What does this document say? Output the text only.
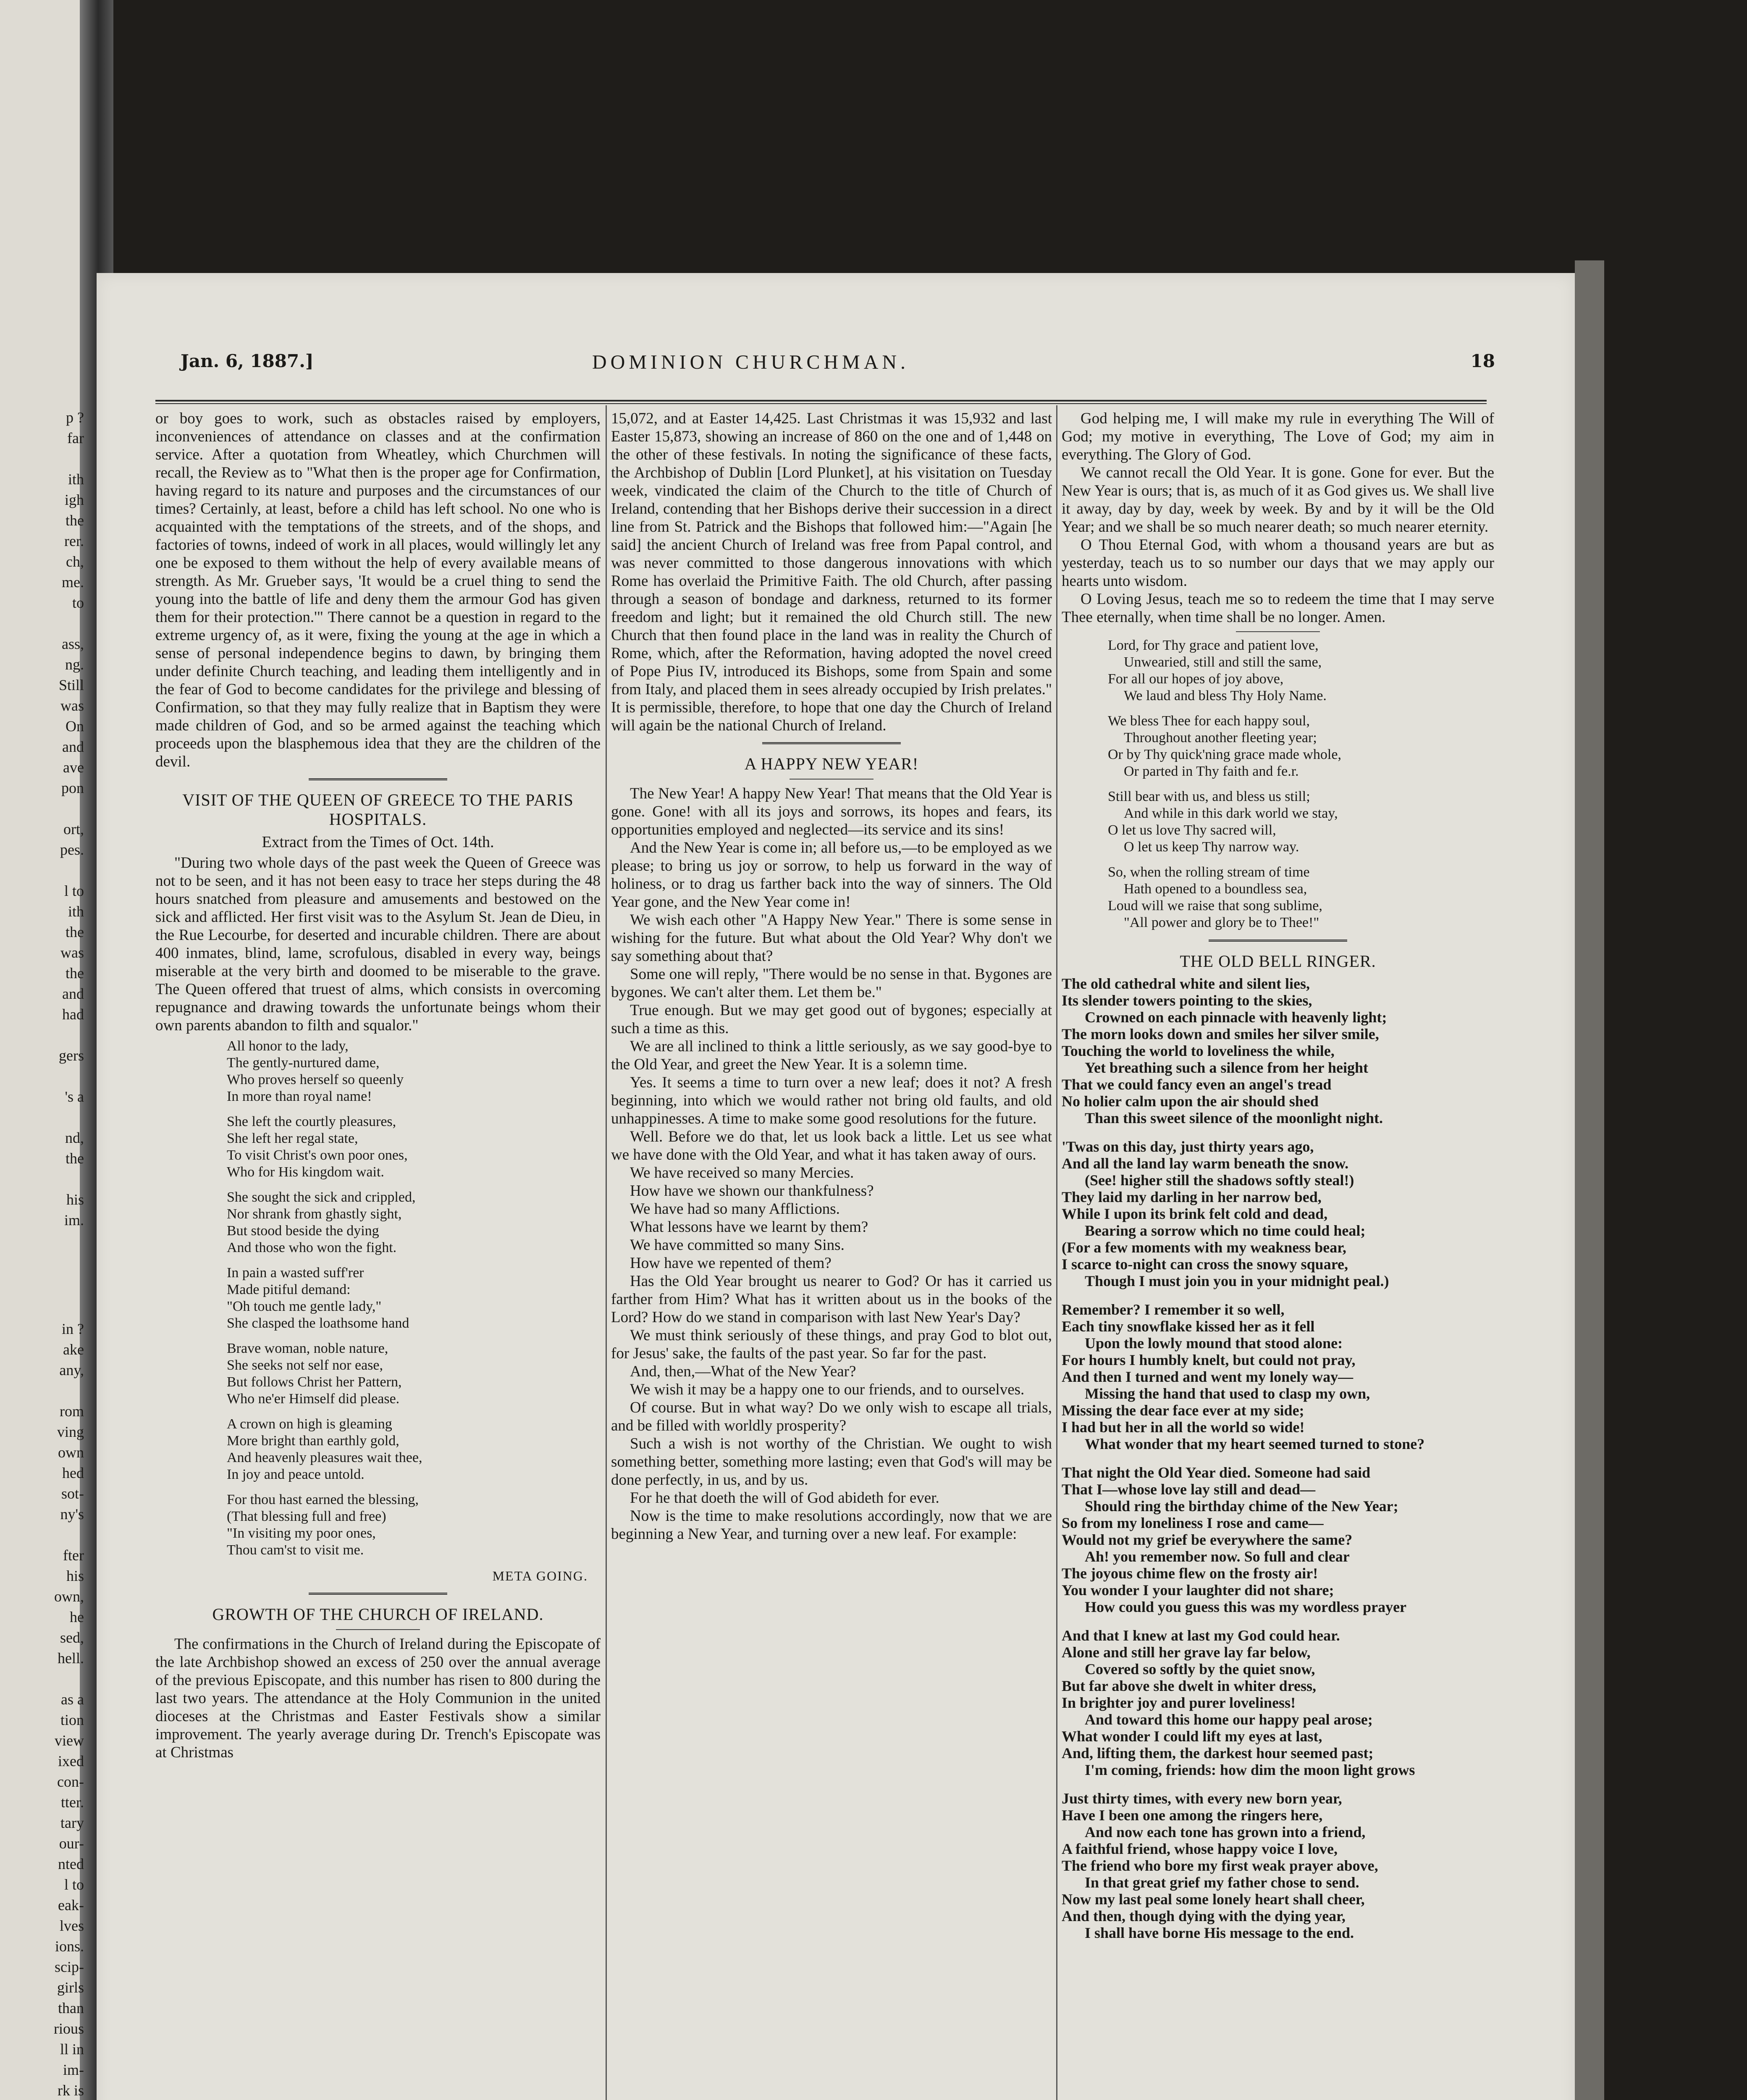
p ?
far
ith
igh
the
rer.
ch,
me.
to
ass,
ng.
Still
was
On
and
ave
pon
ort,
pes.
l to
ith
the
was
the
and
had
gers
's a
nd,
the
his
im.
in ?
ake
any,
rom
ving
own
hed
sot-
ny's
fter
his
own,
he
sed,
hell.
as a
tion
view
ixed
con-
tter.
tary
our-
nted
l to
eak-
lves
ions.
scip-
girls
than
rious
ll in
im-
rk is
Jan. 6, 1887.]	DOMINION CHURCHMAN.	18

or boy goes to work, such as obstacles raised by employers, inconveniences of attendance on classes and at the confirmation service. After a quotation from Wheatley, which Churchmen will recall, the Review as to "What then is the proper age for Confirmation, having regard to its nature and purposes and the circumstances of our times? Certainly, at least, before a child has left school. No one who is acquainted with the temptations of the streets, and of the shops, and factories of towns, indeed of work in all places, would willingly let any one be exposed to them without the help of every available means of strength. As Mr. Grueber says, 'It would be a cruel thing to send the young into the battle of life and deny them the armour God has given them for their protection.'" There cannot be a question in regard to the extreme urgency of, as it were, fixing the young at the age in which a sense of personal independence begins to dawn, by bringing them under definite Church teaching, and leading them intelligently and in the fear of God to become candidates for the privilege and blessing of Confirmation, so that they may fully realize that in Baptism they were made children of God, and so be armed against the teaching which proceeds upon the blasphemous idea that they are the children of the devil.

VISIT OF THE QUEEN OF GREECE TO THE PARIS HOSPITALS.
Extract from the Times of Oct. 14th.

"During two whole days of the past week the Queen of Greece was not to be seen, and it has not been easy to trace her steps during the 48 hours snatched from pleasure and amusements and bestowed on the sick and afflicted. Her first visit was to the Asylum St. Jean de Dieu, in the Rue Lecourbe, for deserted and incurable children. There are about 400 inmates, blind, lame, scrofulous, disabled in every way, beings miserable at the very birth and doomed to be miserable to the grave. The Queen offered that truest of alms, which consists in overcoming repugnance and drawing towards the unfortunate beings whom their own parents abandon to filth and squalor."

All honor to the lady,
The gently-nurtured dame,
Who proves herself so queenly
In more than royal name!
She left the courtly pleasures,
She left her regal state,
To visit Christ's own poor ones,
Who for His kingdom wait.
She sought the sick and crippled,
Nor shrank from ghastly sight,
But stood beside the dying
And those who won the fight.
In pain a wasted suff'rer
Made pitiful demand:
"Oh touch me gentle lady,"
She clasped the loathsome hand
Brave woman, noble nature,
She seeks not self nor ease,
But follows Christ her Pattern,
Who ne'er Himself did please.
A crown on high is gleaming
More bright than earthly gold,
And heavenly pleasures wait thee,
In joy and peace untold.
For thou hast earned the blessing,
(That blessing full and free)
"In visiting my poor ones,
Thou cam'st to visit me.
META GOING.
GROWTH OF THE CHURCH OF IRELAND.

The confirmations in the Church of Ireland during the Episcopate of the late Archbishop showed an excess of 250 over the annual average of the previous Episcopate, and this number has risen to 800 during the last two years. The attendance at the Holy Communion in the united dioceses at the Christmas and Easter Festivals show a similar improvement. The yearly average during Dr. Trench's Episcopate was at Christmas

15,072, and at Easter 14,425. Last Christmas it was 15,932 and last Easter 15,873, showing an increase of 860 on the one and of 1,448 on the other of these festivals. In noting the significance of these facts, the Archbishop of Dublin [Lord Plunket], at his visitation on Tuesday week, vindicated the claim of the Church to the title of Church of Ireland, contending that her Bishops derive their succession in a direct line from St. Patrick and the Bishops that followed him:—"Again [he said] the ancient Church of Ireland was free from Papal control, and was never committed to those dangerous innovations with which Rome has overlaid the Primitive Faith. The old Church, after passing through a season of bondage and darkness, returned to its former freedom and light; but it remained the old Church still. The new Church that then found place in the land was in reality the Church of Rome, which, after the Reformation, having adopted the novel creed of Pope Pius IV, introduced its Bishops, some from Spain and some from Italy, and placed them in sees already occupied by Irish prelates." It is permissible, therefore, to hope that one day the Church of Ireland will again be the national Church of Ireland.

A HAPPY NEW YEAR!

The New Year! A happy New Year! That means that the Old Year is gone. Gone! with all its joys and sorrows, its hopes and fears, its opportunities employed and neglected—its service and its sins!

And the New Year is come in; all before us,—to be employed as we please; to bring us joy or sorrow, to help us forward in the way of holiness, or to drag us farther back into the way of sinners. The Old Year gone, and the New Year come in!

We wish each other "A Happy New Year." There is some sense in wishing for the future. But what about the Old Year? Why don't we say something about that?

Some one will reply, "There would be no sense in that. Bygones are bygones. We can't alter them. Let them be."

True enough. But we may get good out of bygones; especially at such a time as this.

We are all inclined to think a little seriously, as we say good-bye to the Old Year, and greet the New Year. It is a solemn time.

Yes. It seems a time to turn over a new leaf; does it not? A fresh beginning, into which we would rather not bring old faults, and old unhappinesses. A time to make some good resolutions for the future.

Well. Before we do that, let us look back a little. Let us see what we have done with the Old Year, and what it has taken away of ours.

We have received so many Mercies.
How have we shown our thankfulness?
We have had so many Afflictions.
What lessons have we learnt by them?
We have committed so many Sins.
How have we repented of them?

Has the Old Year brought us nearer to God? Or has it carried us farther from Him? What has it written about us in the books of the Lord? How do we stand in comparison with last New Year's Day?

We must think seriously of these things, and pray God to blot out, for Jesus' sake, the faults of the past year. So far for the past.

And, then,—What of the New Year?

We wish it may be a happy one to our friends, and to ourselves.

Of course. But in what way? Do we only wish to escape all trials, and be filled with worldly prosperity?

Such a wish is not worthy of the Christian. We ought to wish something better, something more lasting; even that God's will may be done perfectly, in us, and by us.

For he that doeth the will of God abideth for ever.

Now is the time to make resolutions accordingly, now that we are beginning a New Year, and turning over a new leaf. For example:

God helping me, I will make my rule in everything The Will of God; my motive in everything, The Love of God; my aim in everything. The Glory of God.

We cannot recall the Old Year. It is gone. Gone for ever. But the New Year is ours; that is, as much of it as God gives us. We shall live it away, day by day, week by week. By and by it will be the Old Year; and we shall be so much nearer death; so much nearer eternity.

O Thou Eternal God, with whom a thousand years are but as yesterday, teach us to so number our days that we may apply our hearts unto wisdom.

O Loving Jesus, teach me so to redeem the time that I may serve Thee eternally, when time shall be no longer. Amen.

Lord, for Thy grace and patient love,
Unwearied, still and still the same,
For all our hopes of joy above,
We laud and bless Thy Holy Name.
We bless Thee for each happy soul,
Throughout another fleeting year;
Or by Thy quick'ning grace made whole,
Or parted in Thy faith and fe.r.
Still bear with us, and bless us still;
And while in this dark world we stay,
O let us love Thy sacred will,
O let us keep Thy narrow way.
So, when the rolling stream of time
Hath opened to a boundless sea,
Loud will we raise that song sublime,
"All power and glory be to Thee!"
THE OLD BELL RINGER.
The old cathedral white and silent lies,
Its slender towers pointing to the skies,
Crowned on each pinnacle with heavenly light;
The morn looks down and smiles her silver smile,
Touching the world to loveliness the while,
Yet breathing such a silence from her height
That we could fancy even an angel's tread
No holier calm upon the air should shed
Than this sweet silence of the moonlight night.
'Twas on this day, just thirty years ago,
And all the land lay warm beneath the snow.
(See! higher still the shadows softly steal!)
They laid my darling in her narrow bed,
While I upon its brink felt cold and dead,
Bearing a sorrow which no time could heal;
(For a few moments with my weakness bear,
I scarce to-night can cross the snowy square,
Though I must join you in your midnight peal.)
Remember? I remember it so well,
Each tiny snowflake kissed her as it fell
Upon the lowly mound that stood alone:
For hours I humbly knelt, but could not pray,
And then I turned and went my lonely way—
Missing the hand that used to clasp my own,
Missing the dear face ever at my side;
I had but her in all the world so wide!
What wonder that my heart seemed turned to stone?
That night the Old Year died. Someone had said
That I—whose love lay still and dead—
Should ring the birthday chime of the New Year;
So from my loneliness I rose and came—
Would not my grief be everywhere the same?
Ah! you remember now. So full and clear
The joyous chime flew on the frosty air!
You wonder I your laughter did not share;
How could you guess this was my wordless prayer
And that I knew at last my God could hear.
Alone and still her grave lay far below,
Covered so softly by the quiet snow,
But far above she dwelt in whiter dress,
In brighter joy and purer loveliness!
And toward this home our happy peal arose;
What wonder I could lift my eyes at last,
And, lifting them, the darkest hour seemed past;
I'm coming, friends: how dim the moon light grows
Just thirty times, with every new born year,
Have I been one among the ringers here,
And now each tone has grown into a friend,
A faithful friend, whose happy voice I love,
The friend who bore my first weak prayer above,
In that great grief my father chose to send.
Now my last peal some lonely heart shall cheer,
And then, though dying with the dying year,
I shall have borne His message to the end.
